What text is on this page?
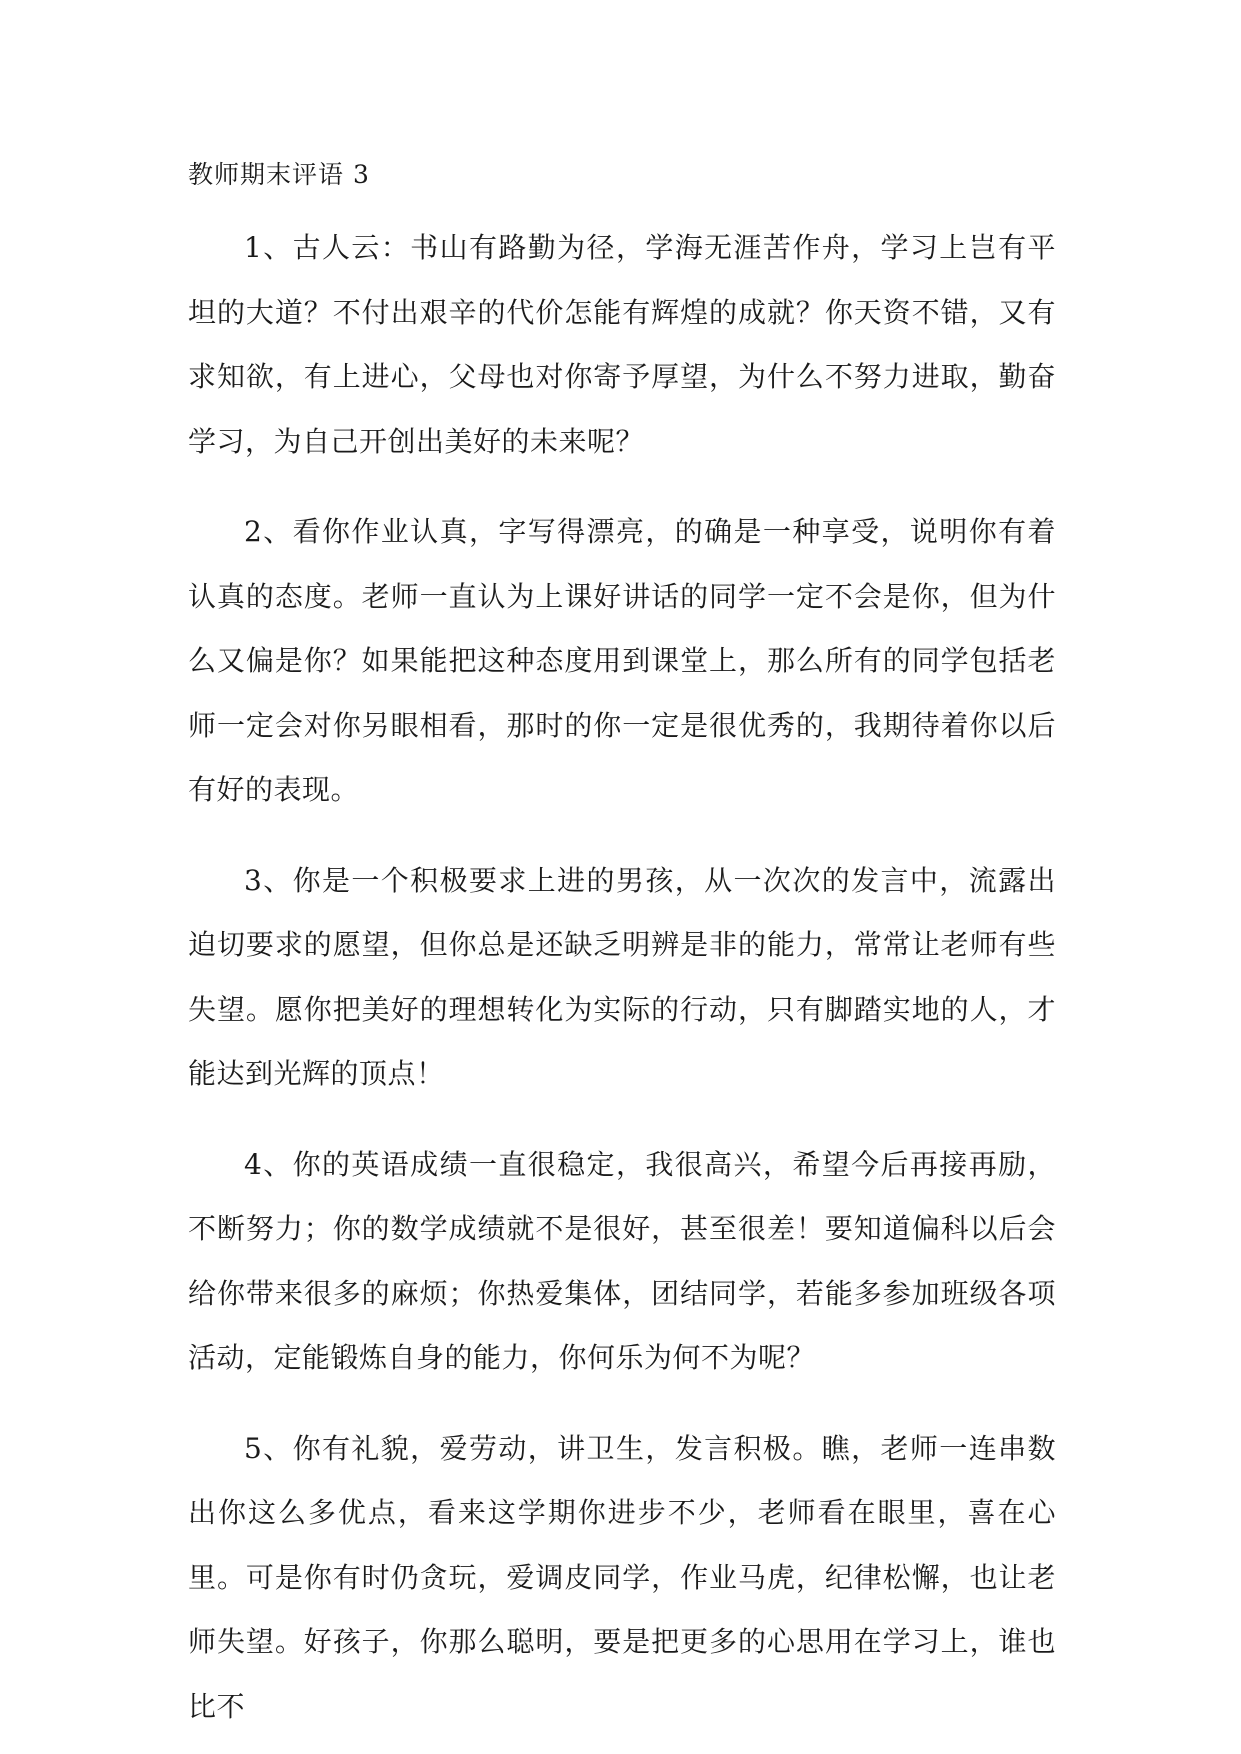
教师期末评语 3

1、古人云：书山有路勤为径，学海无涯苦作舟，学习上岂有平坦的大道？不付出艰辛的代价怎能有辉煌的成就？你天资不错，又有求知欲，有上进心，父母也对你寄予厚望，为什么不努力进取，勤奋学习，为自己开创出美好的未来呢？

2、看你作业认真，字写得漂亮，的确是一种享受，说明你有着认真的态度。老师一直认为上课好讲话的同学一定不会是你，但为什么又偏是你？如果能把这种态度用到课堂上，那么所有的同学包括老师一定会对你另眼相看，那时的你一定是很优秀的，我期待着你以后有好的表现。

3、你是一个积极要求上进的男孩，从一次次的发言中，流露出迫切要求的愿望，但你总是还缺乏明辨是非的能力，常常让老师有些失望。愿你把美好的理想转化为实际的行动，只有脚踏实地的人，才能达到光辉的顶点！

4、你的英语成绩一直很稳定，我很高兴，希望今后再接再励，不断努力；你的数学成绩就不是很好，甚至很差！要知道偏科以后会给你带来很多的麻烦；你热爱集体，团结同学，若能多参加班级各项活动，定能锻炼自身的能力，你何乐为何不为呢？

5、你有礼貌，爱劳动，讲卫生，发言积极。瞧，老师一连串数出你这么多优点，看来这学期你进步不少，老师看在眼里，喜在心里。可是你有时仍贪玩，爱调皮同学，作业马虎，纪律松懈，也让老师失望。好孩子，你那么聪明，要是把更多的心思用在学习上，谁也比不
